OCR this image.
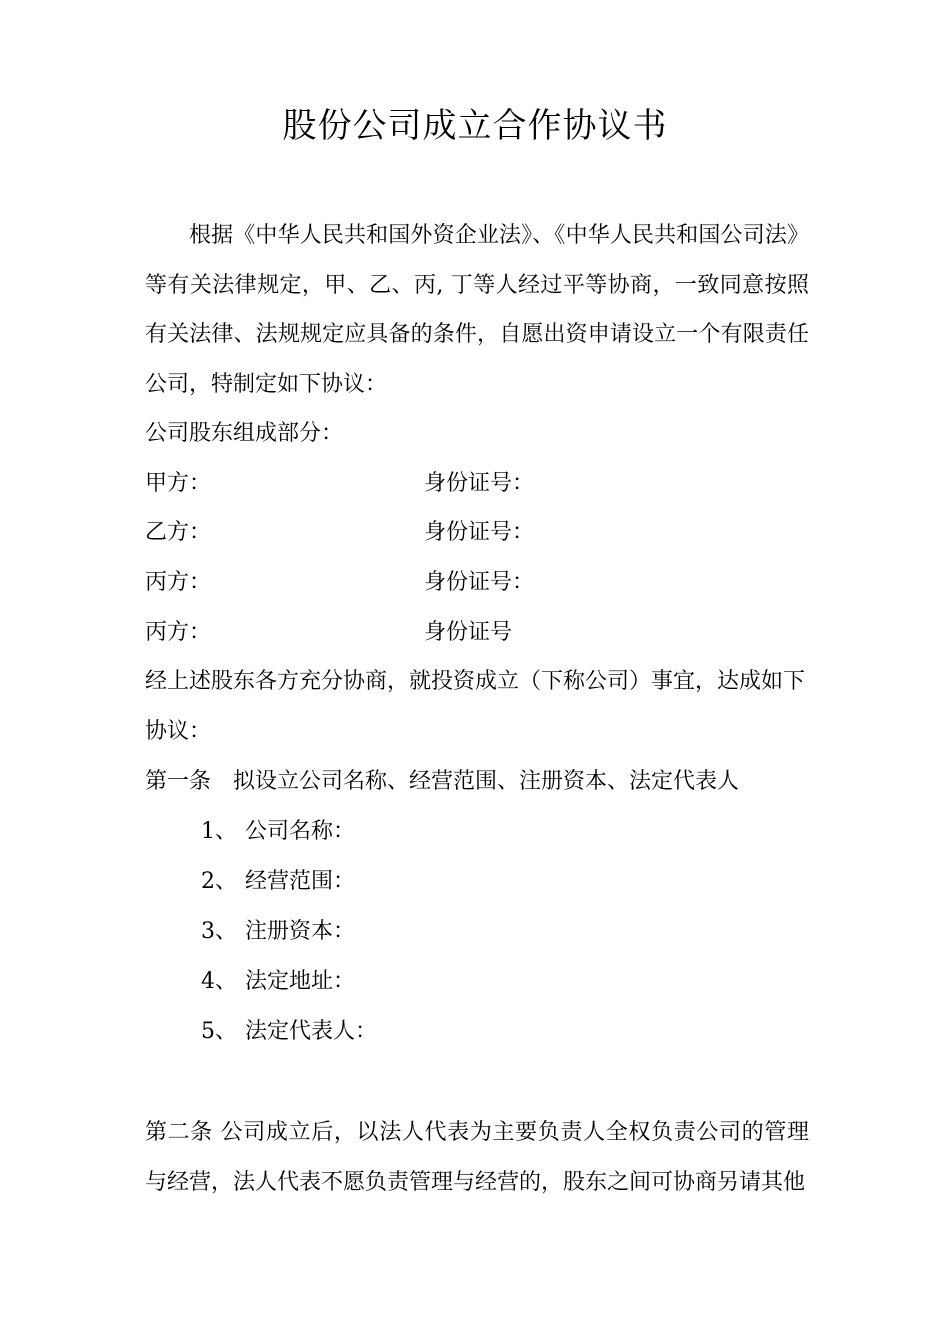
股份公司成立合作协议书
根据《中华人民共和国外资企业法》、《中华人民共和国公司法》等有关法律规定，甲、乙、丙, 丁等人经过平等协商，一致同意按照有关法律、法规规定应具备的条件，自愿出资申请设立一个有限责任公司，特制定如下协议：
公司股东组成部分：
甲方：	身份证号：
乙方：	身份证号：
丙方：	身份证号：
丙方：	身份证号
经上述股东各方充分协商，就投资成立（下称公司）事宜，达成如下
协议：
第一条　拟设立公司名称、经营范围、注册资本、法定代表人
1、 公司名称：
2、 经营范围：
3、 注册资本：
4、 法定地址：
5、 法定代表人：
第二条 公司成立后，以法人代表为主要负责人全权负责公司的管理与经营，法人代表不愿负责管理与经营的，股东之间可协商另请其他
